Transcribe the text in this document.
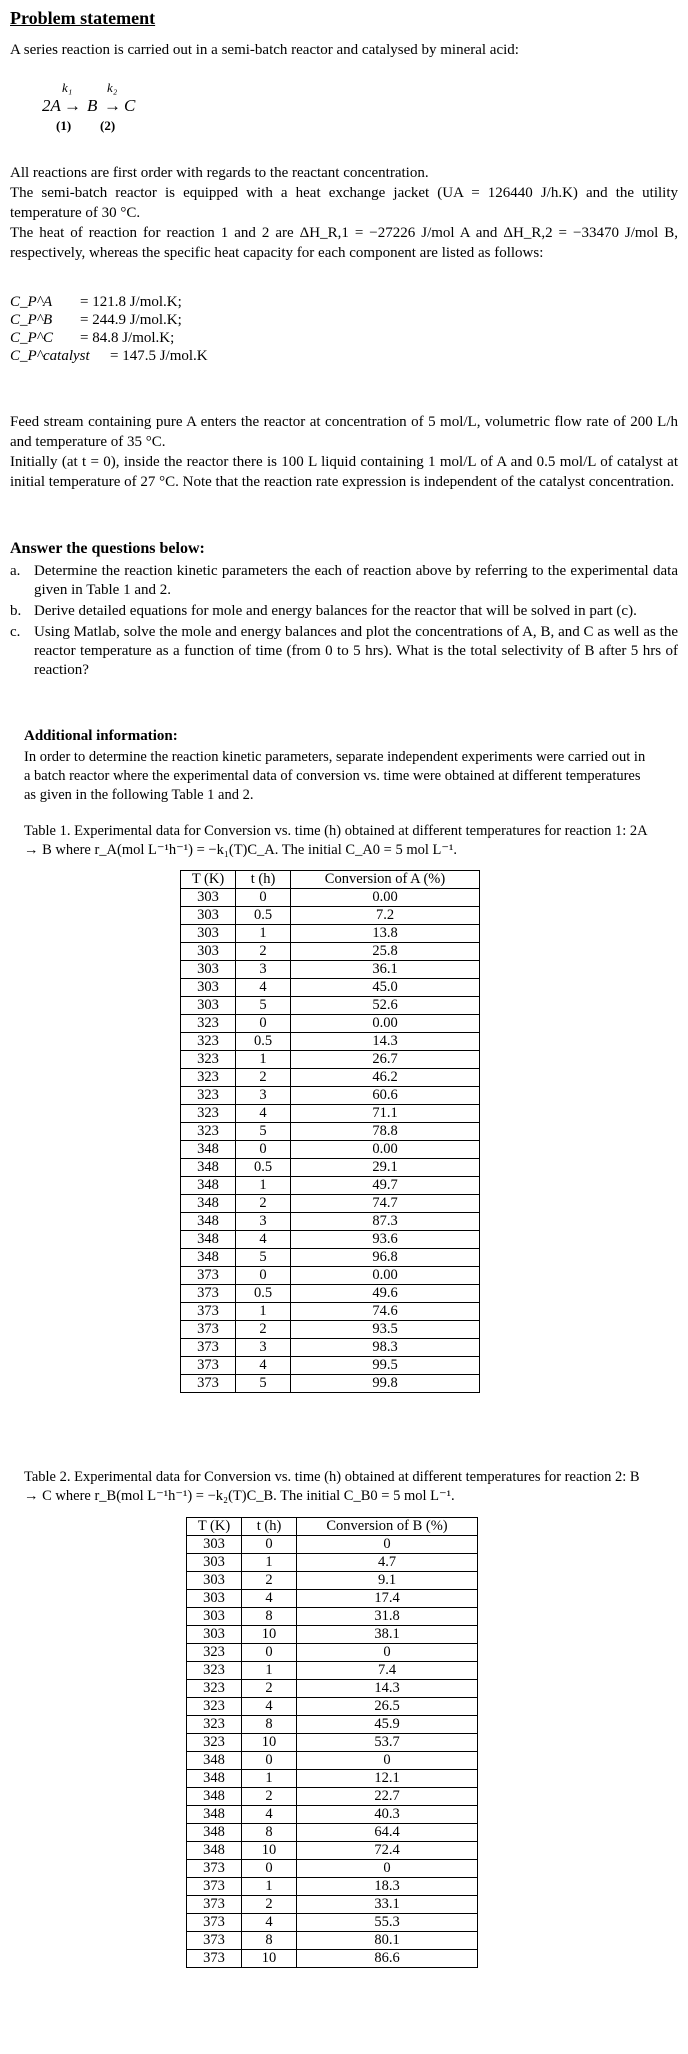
Problem statement
A series reaction is carried out in a semi-batch reactor and catalysed by mineral acid:
k₁	k₂
2A → B → C
(1) (2)
All reactions are first order with regards to the reactant concentration.
The semi-batch reactor is equipped with a heat exchange jacket (UA = 126440 J/h.K) and the utility temperature of 30 °C.
The heat of reaction for reaction 1 and 2 are ΔH_R,1 = −27226 J/mol A and ΔH_R,2 = −33470 J/mol B, respectively, whereas the specific heat capacity for each component are listed as follows:
C_P^A = 121.8 J/mol.K;
C_P^B = 244.9 J/mol.K;
C_P^C = 84.8 J/mol.K;
C_P^catalyst = 147.5 J/mol.K
Feed stream containing pure A enters the reactor at concentration of 5 mol/L, volumetric flow rate of 200 L/h and temperature of 35 °C.
Initially (at t = 0), inside the reactor there is 100 L liquid containing 1 mol/L of A and 0.5 mol/L of catalyst at initial temperature of 27 °C. Note that the reaction rate expression is independent of the catalyst concentration.
Answer the questions below:
a. Determine the reaction kinetic parameters the each of reaction above by referring to the experimental data given in Table 1 and 2.
b. Derive detailed equations for mole and energy balances for the reactor that will be solved in part (c).
c. Using Matlab, solve the mole and energy balances and plot the concentrations of A, B, and C as well as the reactor temperature as a function of time (from 0 to 5 hrs). What is the total selectivity of B after 5 hrs of reaction?
Additional information:
In order to determine the reaction kinetic parameters, separate independent experiments were carried out in a batch reactor where the experimental data of conversion vs. time were obtained at different temperatures as given in the following Table 1 and 2.
Table 1. Experimental data for Conversion vs. time (h) obtained at different temperatures for reaction 1: 2A → B where r_A(mol L⁻¹h⁻¹) = −k₁(T)C_A. The initial C_A0 = 5 mol L⁻¹.
T (K)	t (h)	Conversion of A (%)
303	0	0.00
303	0.5	7.2
303	1	13.8
303	2	25.8
303	3	36.1
303	4	45.0
303	5	52.6
323	0	0.00
323	0.5	14.3
323	1	26.7
323	2	46.2
323	3	60.6
323	4	71.1
323	5	78.8
348	0	0.00
348	0.5	29.1
348	1	49.7
348	2	74.7
348	3	87.3
348	4	93.6
348	5	96.8
373	0	0.00
373	0.5	49.6
373	1	74.6
373	2	93.5
373	3	98.3
373	4	99.5
373	5	99.8
Table 2. Experimental data for Conversion vs. time (h) obtained at different temperatures for reaction 2: B → C where r_B(mol L⁻¹h⁻¹) = −k₂(T)C_B. The initial C_B0 = 5 mol L⁻¹.
T (K)	t (h)	Conversion of B (%)
303	0	0
303	1	4.7
303	2	9.1
303	4	17.4
303	8	31.8
303	10	38.1
323	0	0
323	1	7.4
323	2	14.3
323	4	26.5
323	8	45.9
323	10	53.7
348	0	0
348	1	12.1
348	2	22.7
348	4	40.3
348	8	64.4
348	10	72.4
373	0	0
373	1	18.3
373	2	33.1
373	4	55.3
373	8	80.1
373	10	86.6
